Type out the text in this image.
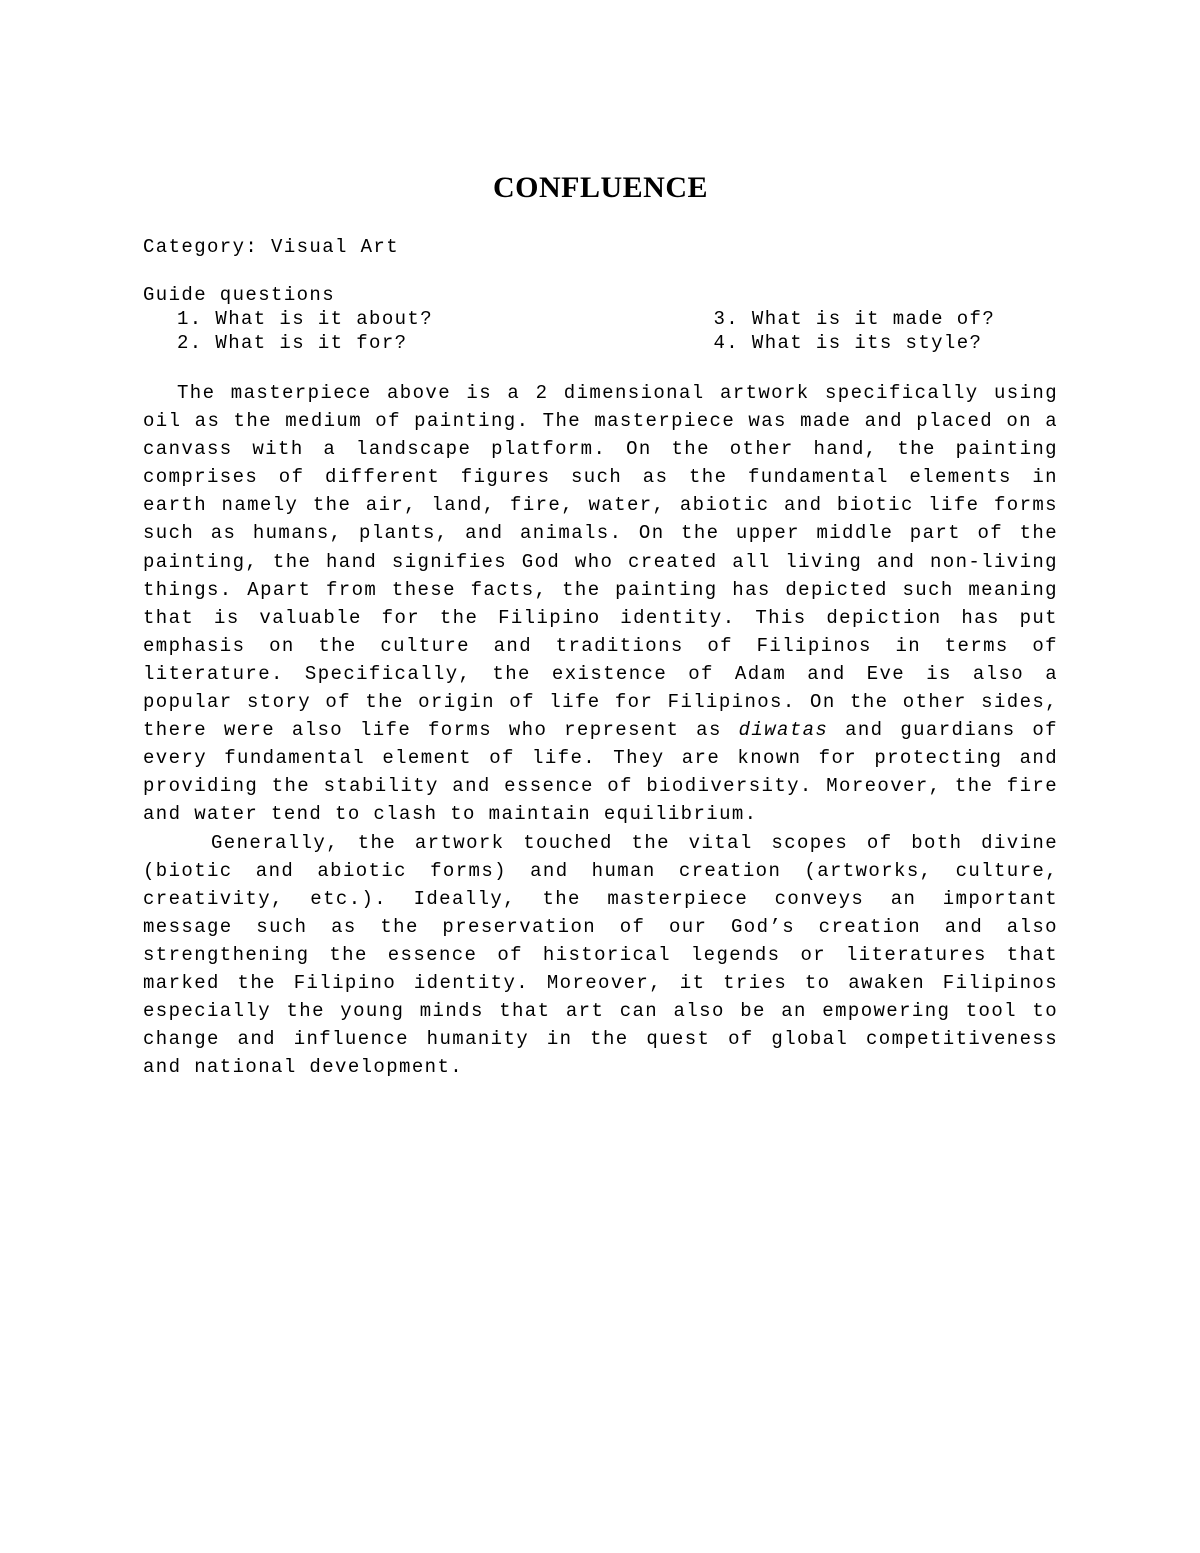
CONFLUENCE
Category: Visual Art
Guide questions
1. What is it about?	3. What is it made of?
2. What is it for?	4. What is its style?

The masterpiece above is a 2 dimensional artwork specifically using oil as the medium of painting. The masterpiece was made and placed on a canvass with a landscape platform. On the other hand, the painting comprises of different figures such as the fundamental elements in earth namely the air, land, fire, water, abiotic and biotic life forms such as humans, plants, and animals. On the upper middle part of the painting, the hand signifies God who created all living and non-living things. Apart from these facts, the painting has depicted such meaning that is valuable for the Filipino identity. This depiction has put emphasis on the culture and traditions of Filipinos in terms of literature. Specifically, the existence of Adam and Eve is also a popular story of the origin of life for Filipinos. On the other sides, there were also life forms who represent as diwatas and guardians of every fundamental element of life. They are known for protecting and providing the stability and essence of biodiversity. Moreover, the fire and water tend to clash to maintain equilibrium.

Generally, the artwork touched the vital scopes of both divine (biotic and abiotic forms) and human creation (artworks, culture, creativity, etc.). Ideally, the masterpiece conveys an important message such as the preservation of our God’s creation and also strengthening the essence of historical legends or literatures that marked the Filipino identity. Moreover, it tries to awaken Filipinos especially the young minds that art can also be an empowering tool to change and influence humanity in the quest of global competitiveness and national development.
